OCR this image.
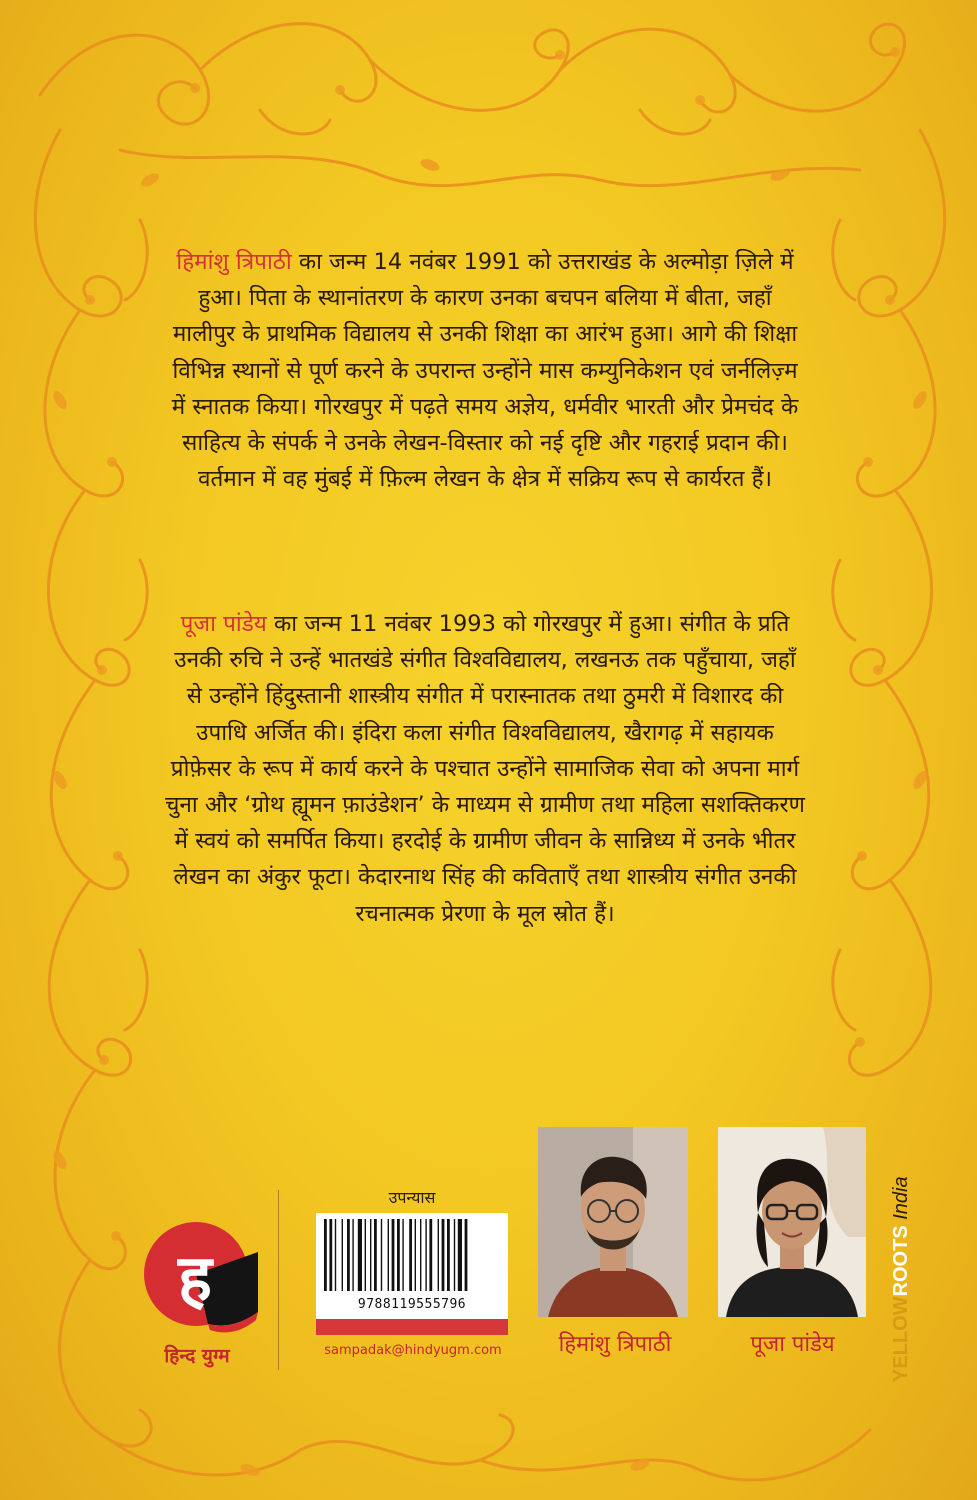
हिमांशु त्रिपाठी का जन्म 14 नवंबर 1991 को उत्तराखंड के अल्मोड़ा ज़िले में हुआ। पिता के स्थानांतरण के कारण उनका बचपन बलिया में बीता, जहाँ मालीपुर के प्राथमिक विद्यालय से उनकी शिक्षा का आरंभ हुआ। आगे की शिक्षा विभिन्न स्थानों से पूर्ण करने के उपरान्त उन्होंने मास कम्युनिकेशन एवं जर्नलिज़्म में स्नातक किया। गोरखपुर में पढ़ते समय अज्ञेय, धर्मवीर भारती और प्रेमचंद के साहित्य के संपर्क ने उनके लेखन-विस्तार को नई दृष्टि और गहराई प्रदान की। वर्तमान में वह मुंबई में फ़िल्म लेखन के क्षेत्र में सक्रिय रूप से कार्यरत हैं।

पूजा पांडेय का जन्म 11 नवंबर 1993 को गोरखपुर में हुआ। संगीत के प्रति उनकी रुचि ने उन्हें भातखंडे संगीत विश्वविद्यालय, लखनऊ तक पहुँचाया, जहाँ से उन्होंने हिंदुस्तानी शास्त्रीय संगीत में परास्नातक तथा ठुमरी में विशारद की उपाधि अर्जित की। इंदिरा कला संगीत विश्वविद्यालय, खैरागढ़ में सहायक प्रोफ़ेसर के रूप में कार्य करने के पश्चात उन्होंने सामाजिक सेवा को अपना मार्ग चुना और ‘ग्रोथ ह्यूमन फ़ाउंडेशन’ के माध्यम से ग्रामीण तथा महिला सशक्तिकरण में स्वयं को समर्पित किया। हरदोई के ग्रामीण जीवन के सान्निध्य में उनके भीतर लेखन का अंकुर फूटा। केदारनाथ सिंह की कविताएँ तथा शास्त्रीय संगीत उनकी रचनात्मक प्रेरणा के मूल स्रोत हैं।

ह
हिन्द युग्म
उपन्यास
9788119555796
sampadak@hindyugm.com	हिमांशु त्रिपाठी	पूजा पांडेय	YELLOWROOTS India
